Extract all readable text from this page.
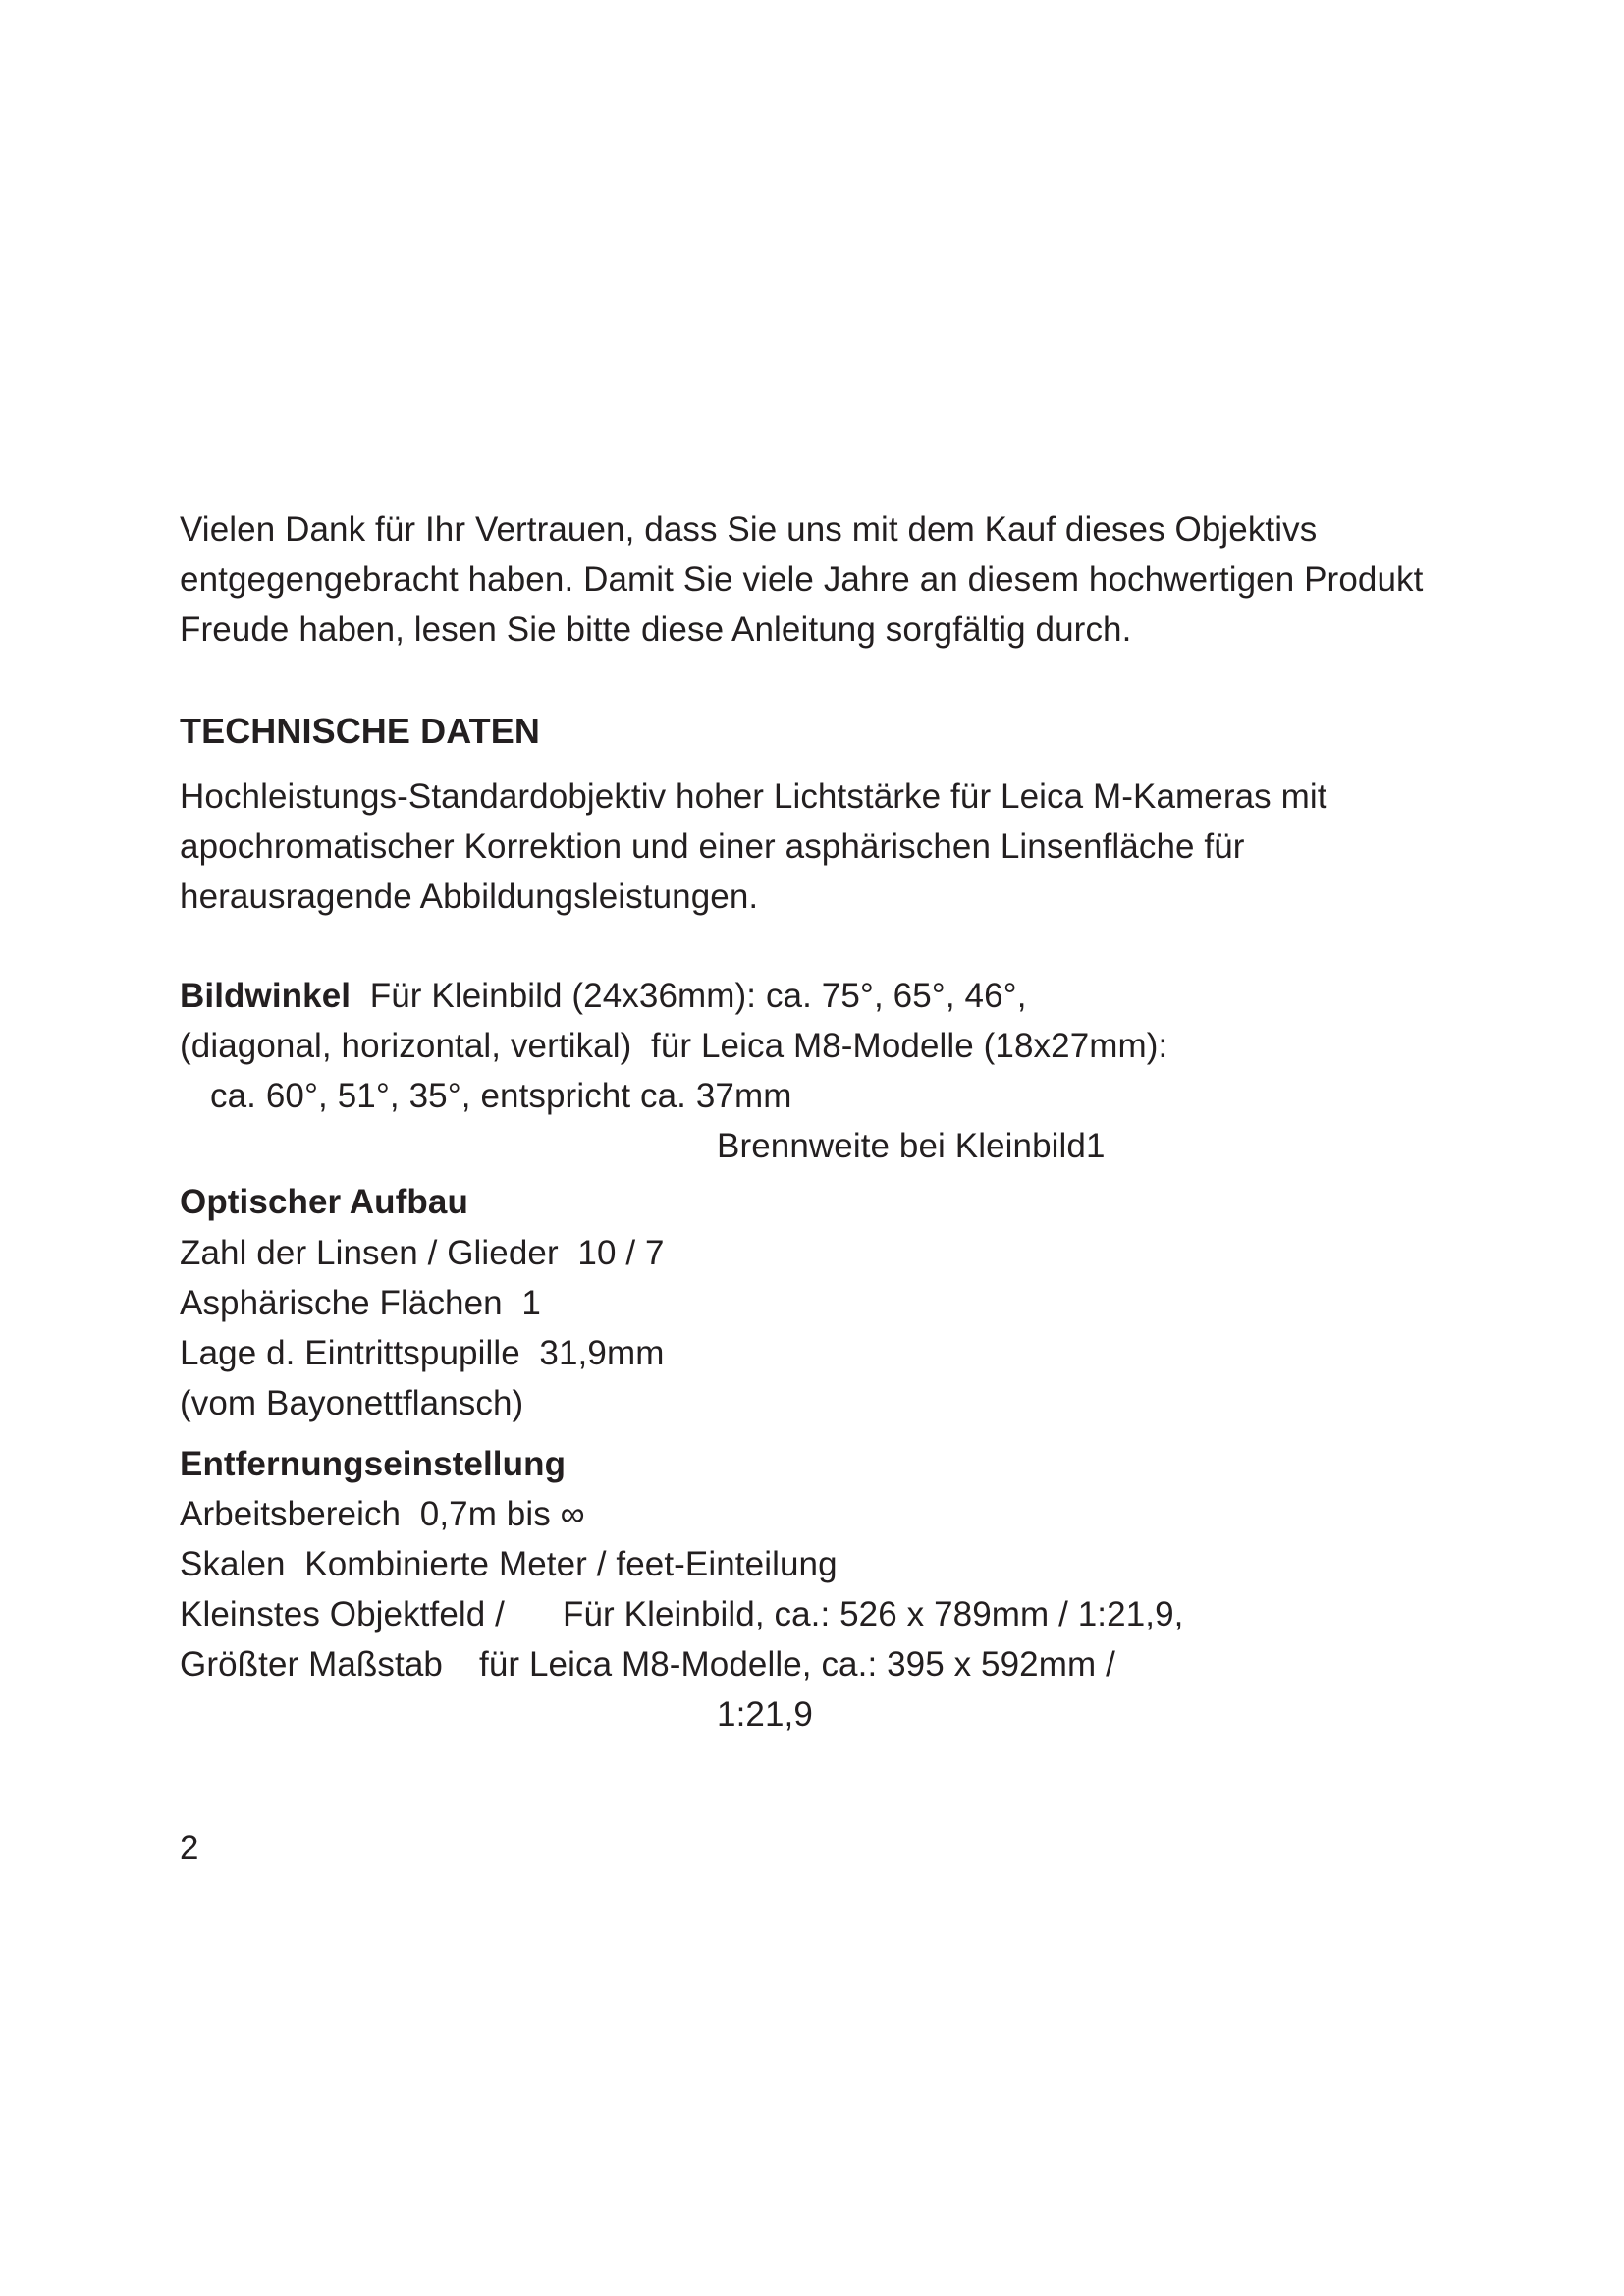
Vielen Dank für Ihr Vertrauen, dass Sie uns mit dem Kauf dieses Objektivs
entgegengebracht haben. Damit Sie viele Jahre an diesem hochwertigen Produkt
Freude haben, lesen Sie bitte diese Anleitung sorgfältig durch.
TECHNISCHE DATEN
Hochleistungs-Standardobjektiv hoher Lichtstärke für Leica M-Kameras mit
apochromatischer Korrektion und einer asphärischen Linsenfläche für
herausragende Abbildungsleistungen.
Bildwinkel Für Kleinbild (24x36mm): ca. 75°, 65°, 46°,
(diagonal, horizontal, vertikal)  für Leica M8-Modelle (18x27mm):
ca. 60°, 51°, 35°, entspricht ca. 37mm
Brennweite bei Kleinbild1
Optischer Aufbau
Zahl der Linsen / Glieder  10 / 7
Asphärische Flächen  1
Lage d. Eintrittspupille  31,9mm
(vom Bayonettflansch)
Entfernungseinstellung
Arbeitsbereich  0,7m bis ∞
Skalen  Kombinierte Meter / feet-Einteilung
Kleinstes Objektfeld / Für Kleinbild, ca.: 526 x 789mm / 1:21,9,
Größter Maßstab für Leica M8-Modelle, ca.: 395 x 592mm /
1:21,9
2
